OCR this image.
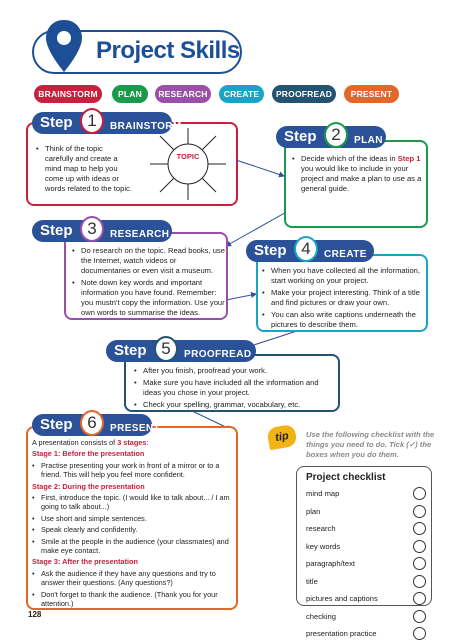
Project Skills
BRAINSTORM	PLAN	RESEARCH	CREATE	PROOFREAD	PRESENT
Step 1	BRAINSTORM
• Think of the topic carefully and create a mind map to help you come up with ideas or words related to the topic.
TOPIC
Step 2	PLAN
• Decide which of the ideas in Step 1 you would like to include in your project and make a plan to use as a general guide.
Step 3	RESEARCH
• Do research on the topic. Read books, use the Internet, watch videos or documentaries or even visit a museum.
• Note down key words and important information you have found. Remember: you mustn't copy the information. Use your own words to summarise the ideas.
Step 4	CREATE
• When you have collected all the information, start working on your project.
• Make your project interesting. Think of a title and find pictures or draw your own.
• You can also write captions underneath the pictures to describe them.
Step 5	PROOFREAD
• After you finish, proofread your work.
• Make sure you have included all the information and ideas you chose in your project.
• Check your spelling, grammar, vocabulary, etc.
Step 6	PRESENT
A presentation consists of 3 stages:
Stage 1: Before the presentation
• Practise presenting your work in front of a mirror or to a friend. This will help you feel more confident.
Stage 2: During the presentation
• First, introduce the topic. (I would like to talk about... / I am going to talk about...)
• Use short and simple sentences.
• Speak clearly and confidently.
• Smile at the people in the audience (your classmates) and make eye contact.
Stage 3: After the presentation
• Ask the audience if they have any questions and try to answer their questions. (Any questions?)
• Don't forget to thank the audience. (Thank you for your attention.)
tip	Use the following checklist with the things you need to do. Tick (✓) the boxes when you do them.
Project checklist
mind map
plan
research
key words
paragraph/text
title
pictures and captions
checking
presentation practice
128
